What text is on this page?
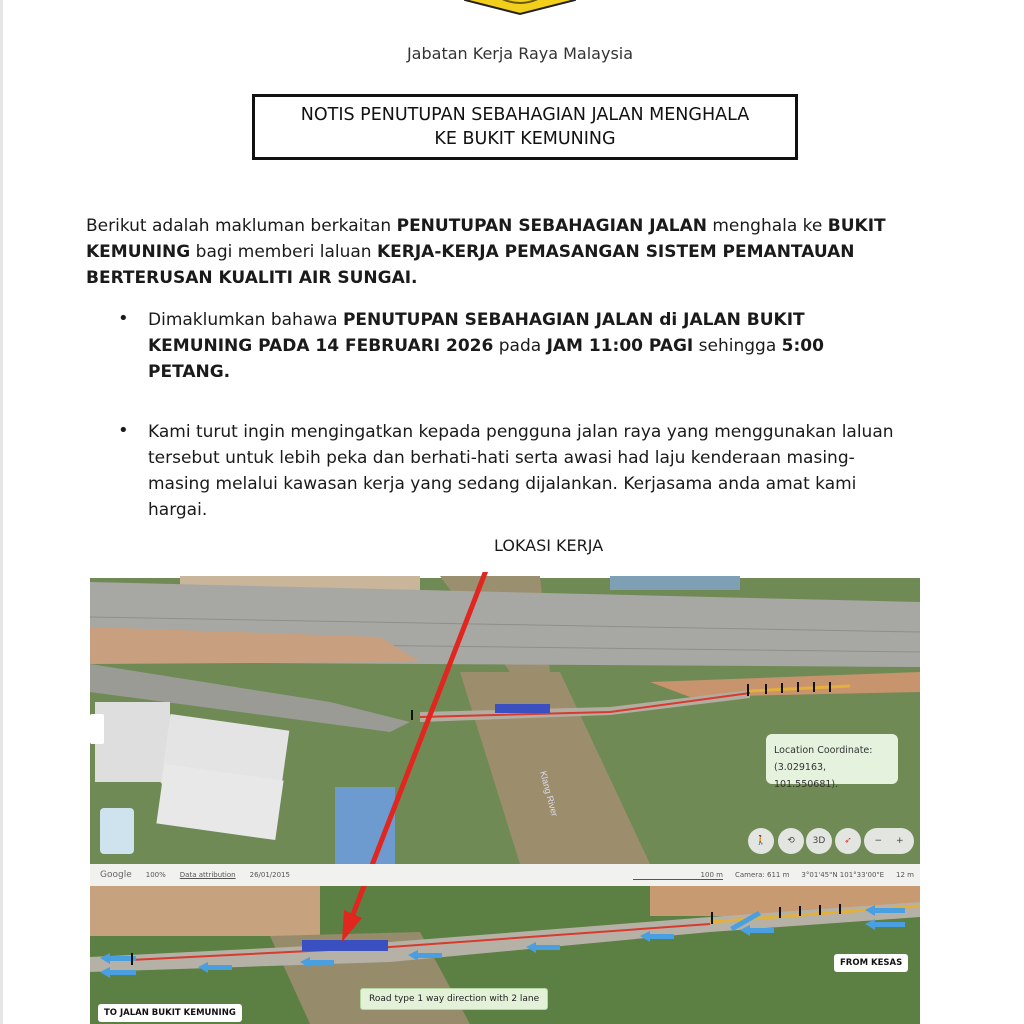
Jabatan Kerja Raya Malaysia
NOTIS PENUTUPAN SEBAHAGIAN JALAN MENGHALA
KE BUKIT KEMUNING
Berikut adalah makluman berkaitan PENUTUPAN SEBAHAGIAN JALAN menghala ke BUKIT KEMUNING bagi memberi laluan KERJA-KERJA PEMASANGAN SISTEM PEMANTAUAN BERTERUSAN KUALITI AIR SUNGAI.
• Dimaklumkan bahawa PENUTUPAN SEBAHAGIAN JALAN di JALAN BUKIT KEMUNING PADA 14 FEBRUARI 2026 pada JAM 11:00 PAGI sehingga 5:00 PETANG.
• Kami turut ingin mengingatkan kepada pengguna jalan raya yang menggunakan laluan tersebut untuk lebih peka dan berhati-hati serta awasi had laju kenderaan masing-masing melalui kawasan kerja yang sedang dijalankan. Kerjasama anda amat kami hargai.
LOKASI KERJA
Klang River
Location Coordinate:
(3.029163, 101.550681).
🚶 ⟲ 3D ➶	− +
Google 100% Data attribution 26/01/2015	100 m Camera: 611 m 3°01'45"N 101°33'00"E 12 m
FROM KESAS
TO JALAN BUKIT KEMUNING
Road type 1 way direction with 2 lane
